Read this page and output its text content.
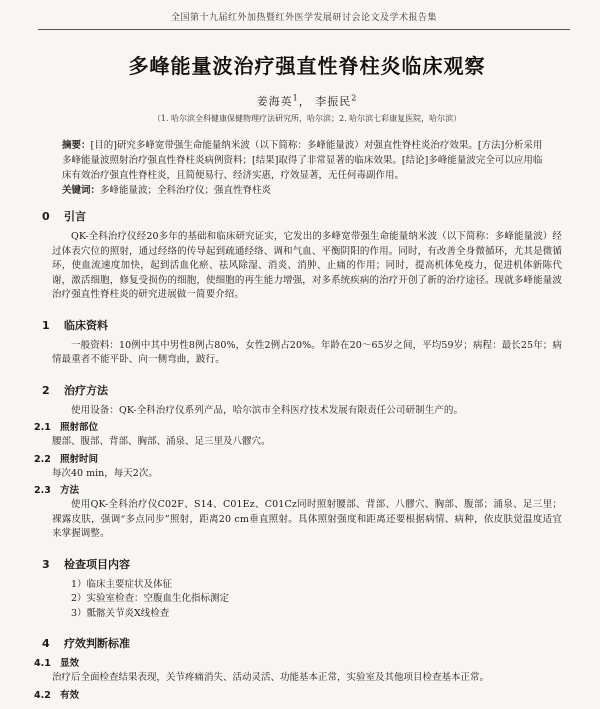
全国第十九届红外加热暨红外医学发展研讨会论文及学术报告集
多峰能量波治疗强直性脊柱炎临床观察
姜海英$^1$， 李振民$^2$
（1. 哈尔滨全科健康保健物理疗法研究所，哈尔滨；2. 哈尔滨七彩康复医院，哈尔滨）
摘要：[目的]研究多峰宽带强生命能量纳米波（以下简称：多峰能量波）对强直性脊柱炎治疗效果。[方法]分析采用多峰能量波照射治疗强直性脊柱炎病例资料；[结果]取得了非常显著的临床效果。[结论]多峰能量波完全可以应用临床有效治疗强直性脊柱炎，且简便易行、经济实惠，疗效显著，无任何毒副作用。
关键词：多峰能量波；全科治疗仪；强直性脊柱炎
0 引言
QK-全科治疗仪经20多年的基础和临床研究证实，它发出的多峰宽带强生命能量纳米波（以下简称：多峰能量波）经过体表穴位的照射，通过经络的传导起到疏通经络、调和气血、平衡阴阳的作用。同时，有改善全身微循环，尤其是微循环，使血流速度加快，起到活血化瘀、祛风除湿、消炎、消肿、止痛的作用；同时，提高机体免疫力，促进机体新陈代谢，激活细胞，修复受损伤的细胞，使细胞的再生能力增强，对多系统疾病的治疗开创了新的治疗途径。现就多峰能量波治疗强直性脊柱炎的研究进展做一简要介绍。
1 临床资料
一般资料：10例中其中男性8例占80%，女性2例占20%。年龄在20～65岁之间，平均59岁；病程：最长25年；病情最重者不能平卧、向一侧弯曲，跛行。
2 治疗方法
使用设备：QK-全科治疗仪系列产品，哈尔滨市全科医疗技术发展有限责任公司研制生产的。
2.1 照射部位
腰部、腹部、背部、胸部、涌泉、足三里及八髎穴。
2.2 照射时间
每次40 min，每天2次。
2.3 方法
使用QK-全科治疗仪C02F、S14、C01Ez、C01Cz同时照射腰部、背部、八髎穴、胸部、腹部；涌泉、足三里；裸露皮肤，强调“多点同步”照射，距离20 cm垂直照射。具体照射强度和距离还要根据病情、病种，依皮肤觉温度适宜来掌握调整。
3 检查项目内容
1）临床主要症状及体征
2）实验室检查：空腹血生化指标测定
3）骶髂关节炎X线检查
4 疗效判断标准
4.1 显效
治疗后全面检查结果表现，关节疼痛消失、活动灵活、功能基本正常，实验室及其他项目检查基本正常。
4.2 有效
